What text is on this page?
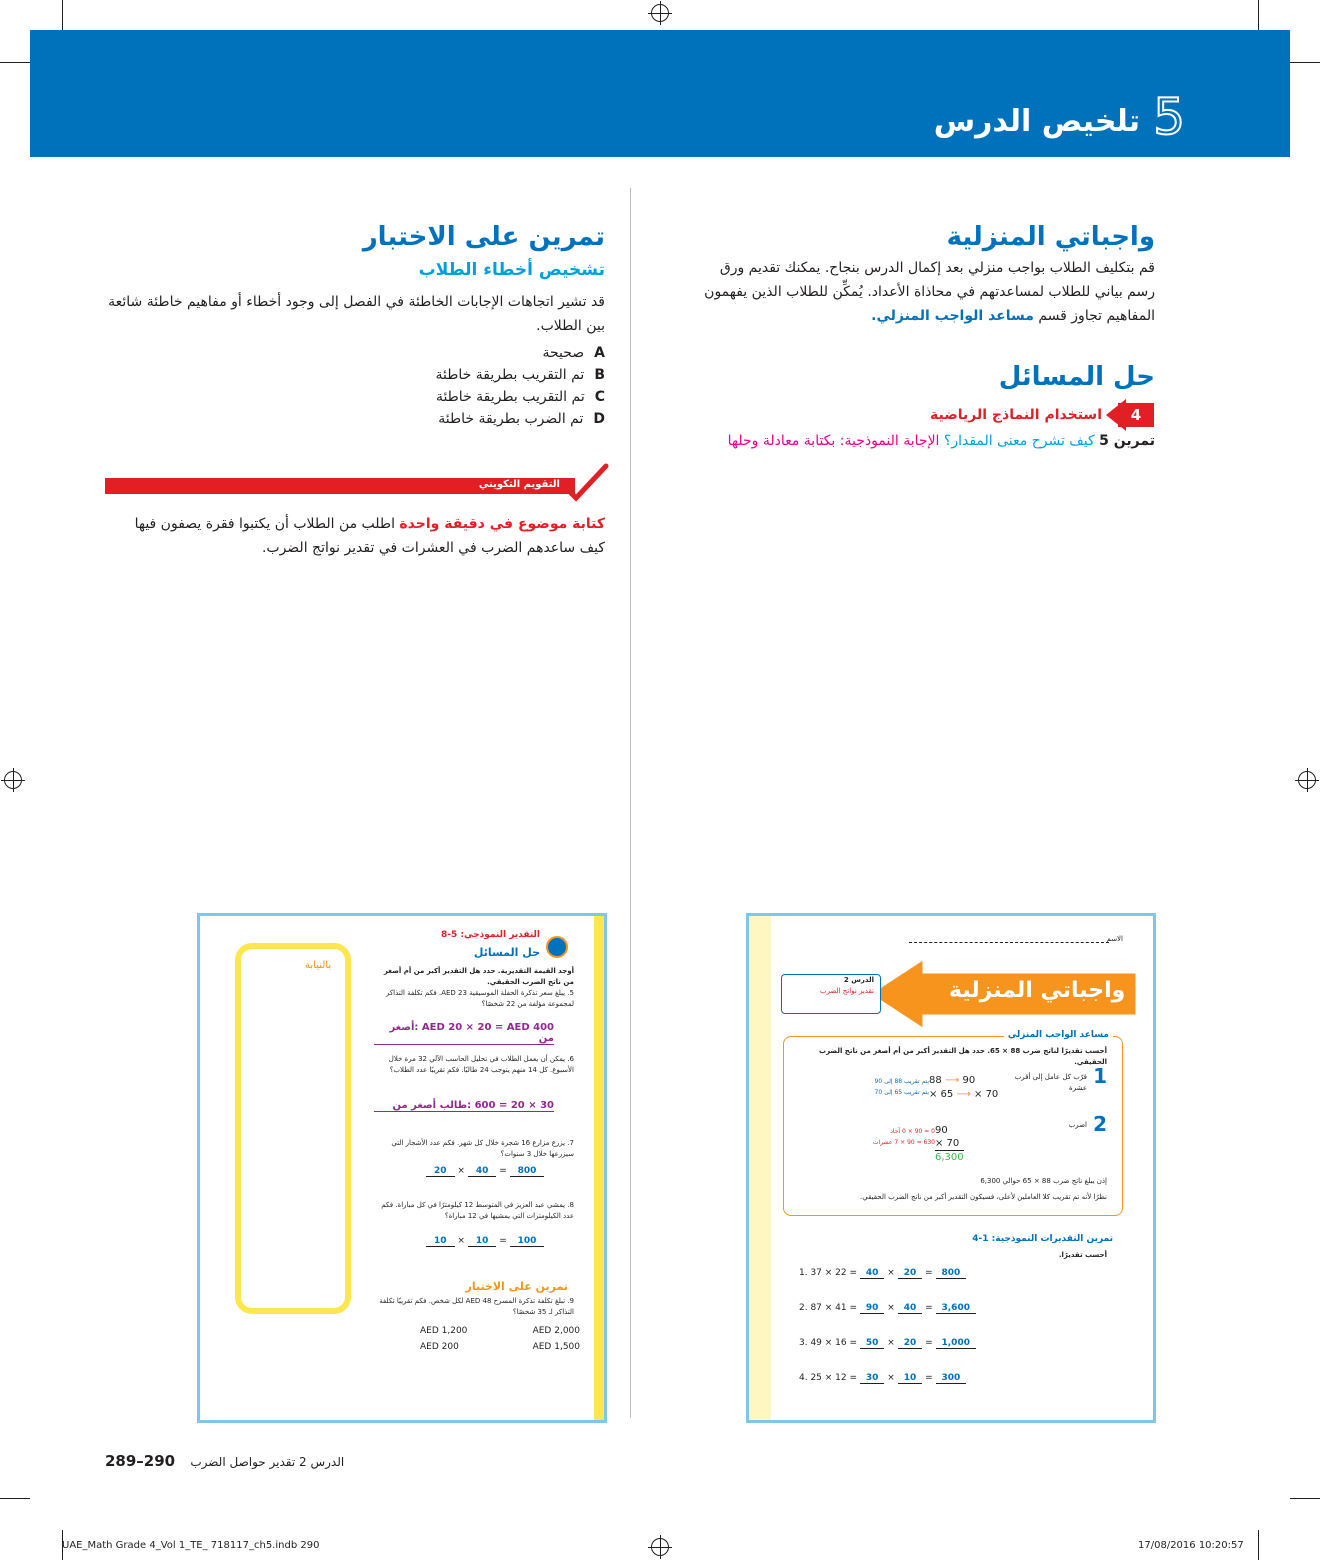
تلخيص الدرس 5
واجباتي المنزلية
قم بتكليف الطلاب بواجب منزلي بعد إكمال الدرس بنجاح. يمكنك تقديم ورق رسم بياني للطلاب لمساعدتهم في محاذاة الأعداد. يُمكِّن للطلاب الذين يفهمون المفاهيم تجاوز قسم مساعد الواجب المنزلي.
حل المسائل
4
استخدام النماذج الرياضية
تمرين 5 كيف تشرح معنى المقدار؟ الإجابة النموذجية: بكتابة معادلة وحلها
تمرين على الاختبار
تشخيص أخطاء الطلاب
قد تشير اتجاهات الإجابات الخاطئة في الفصل إلى وجود أخطاء أو مفاهيم خاطئة شائعة بين الطلاب.
A
صحيحة
B
تم التقريب بطريقة خاطئة
C
تم التقريب بطريقة خاطئة
D
تم الضرب بطريقة خاطئة
التقويم التكويني
كتابة موضوع في دقيقة واحدة اطلب من الطلاب أن يكتبوا فقرة يصفون فيها كيف ساعدهم الضرب في العشرات في تقدير نواتج الضرب.
بالنيابة
التقدير النموذجي: 5-8
حل المسائل
أوجد القيمة التقديرية. حدد هل التقدير أكبر من أم أصغر من ناتج الضرب الحقيقي.
5. يبلغ سعر تذكرة الحفلة الموسيقية AED 23. فكم تكلفة التذاكر لمجموعة مؤلفة من 22 شخصًا؟
AED 20 × 20 = AED 400 :أصغر من
6. يمكن أن يعمل الطلاب في تحليل الحاسب الآلي 32 مرة خلال الأسبوع. كل 14 منهم يتوجب 24 طالبًا. فكم تقريبًا عدد الطلاب؟
30 × 20 = 600 :طالب أصغر من
7. يزرع مزارع 16 شجرة خلال كل شهر. فكم عدد الأشجار التي سيزرعها خلال 3 سنوات؟
20 × 40 = 800
8. يمشي عبد العزيز في المتوسط 12 كيلومترًا في كل مباراة. فكم عدد الكيلومترات التي يمشيها في 12 مباراة؟
10 × 10 = 100
تمرين على الاختبار
9. تبلغ تكلفة تذكرة المسرح AED 48 لكل شخص. فكم تقريبًا تكلفة التذاكر لـ 35 شخصًا؟
AED 1,200	AED 2,000
AED 200	AED 1,500
الاسم
واجباتي المنزلية
الدرس 2
تقدير نواتج الضرب
مساعد الواجب المنزلي
أحسب تقديرًا لناتج ضرب 88 × 65. حدد هل التقدير أكبر من أم أصغر من ناتج الضرب الحقيقي.
1
قرّب كل عامل إلى أقرب عشرة
88 ⟶ 90
× 65 ⟶ × 70
يتم تقريب 88 إلى 90
يتم تقريب 65 إلى 70
2
اضرب
90
× 70
6,300
0 = 90 × 0 آحاد
630 = 90 × 7 عشرات
إذن يبلغ ناتج ضرب 88 × 65 حوالي 6,300
نظرًا لأنه تم تقريب كلا العاملين لأعلى، فسيكون التقدير أكبر من ناتج الضرب الحقيقي.
تمرين التقديرات النموذجية: 1-4
أحسب تقديرًا.
1. 37 × 22 = 40 × 20 = 800
2. 87 × 41 = 90 × 40 = 3,600
3. 49 × 16 = 50 × 20 = 1,000
4. 25 × 12 = 30 × 10 = 300
289–290 الدرس 2 تقدير حواصل الضرب
UAE_Math Grade 4_Vol 1_TE_ 718117_ch5.indb 290	17/08/2016 10:20:57
